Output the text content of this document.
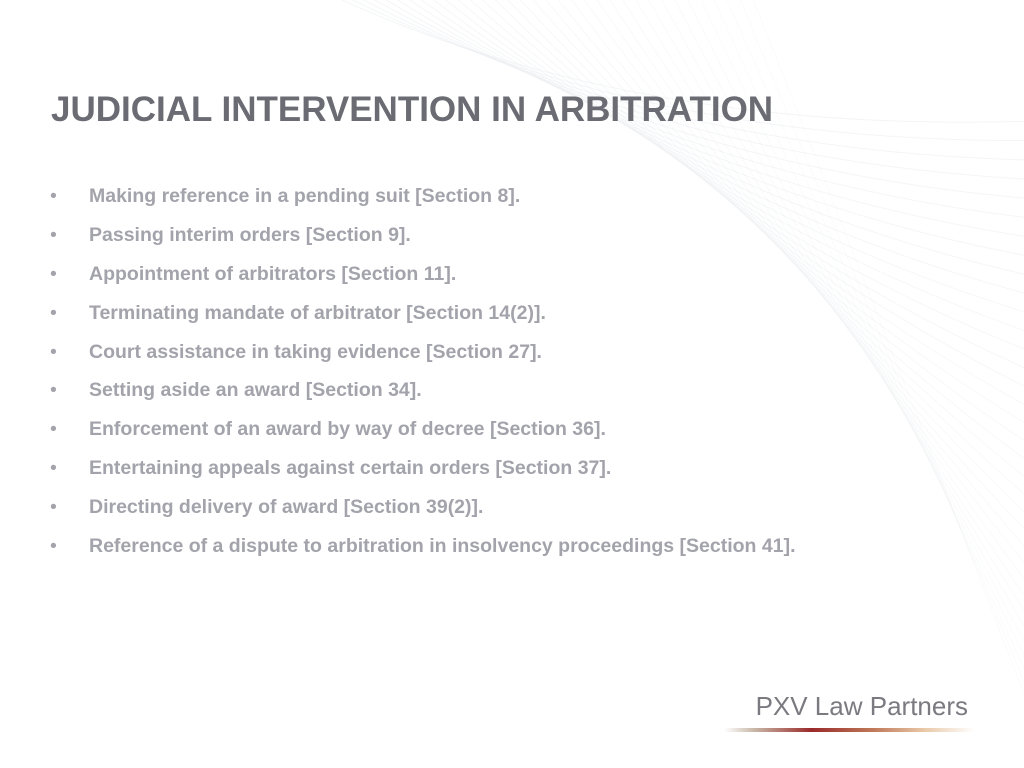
JUDICIAL INTERVENTION IN ARBITRATION
•	Making reference in a pending suit [Section 8].
•	Passing interim orders [Section 9].
•	Appointment of arbitrators [Section 11].
•	Terminating mandate of arbitrator [Section 14(2)].
•	Court assistance in taking evidence [Section 27].
•	Setting aside an award [Section 34].
•	Enforcement of an award by way of decree [Section 36].
•	Entertaining appeals against certain orders [Section 37].
•	Directing delivery of award [Section 39(2)].
•	Reference of a dispute to arbitration in insolvency proceedings [Section 41].
PXV Law Partners
